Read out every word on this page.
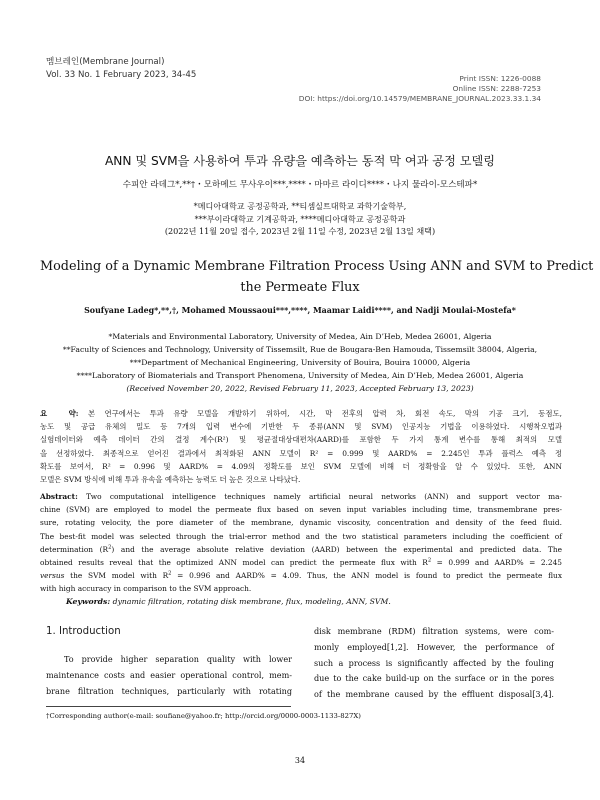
멤브레인(Membrane Journal)
Vol. 33 No. 1 February 2023, 34-45	Print ISSN: 1226-0088
Online ISSN: 2288-7253
DOI: https://doi.org/10.14579/MEMBRANE_JOURNAL.2023.33.1.34
ANN 및 SVM을 사용하여 투과 유량을 예측하는 동적 막 여과 공정 모델링
수피안 라데그*,**†・모하메드 무사우이***,****・마마르 라이디****・나지 물라이-모스테파*
*메디아대학교 공정공학과, **티셈실트대학교 과학기술학부,
***부이라대학교 기계공학과, ****메디아대학교 공정공학과
(2022년 11월 20일 접수, 2023년 2월 11일 수정, 2023년 2월 13일 채택)
Modeling of a Dynamic Membrane Filtration Process Using ANN and SVM to Predict
the Permeate Flux
Soufyane Ladeg*,**,†, Mohamed Moussaoui***,****, Maamar Laidi****, and Nadji Moulai-Mostefa*
*Materials and Environmental Laboratory, University of Medea, Ain D’Heb, Medea 26001, Algeria
**Faculty of Sciences and Technology, University of Tissemsilt, Rue de Bougara-Ben Hamouda, Tissemsilt 38004, Algeria,
***Department of Mechanical Engineering, University of Bouira, Bouira 10000, Algeria
****Laboratory of Biomaterials and Transport Phenomena, University of Medea, Ain D’Heb, Medea 26001, Algeria
(Received November 20, 2022, Revised February 11, 2023, Accepted February 13, 2023)
요　약: 본 연구에서는 투과 유량 모델을 개발하기 위하여, 시간, 막 전후의 압력 차, 회전 속도, 막의 기공 크기, 동점도,
농도 및 공급 유체의 밀도 등 7개의 입력 변수에 기반한 두 종류(ANN 및 SVM) 인공지능 기법을 이용하였다. 시행착오법과
실험데이터와 예측 데이터 간의 결정 계수(R²) 및 평균절대상대편차(AARD)를 포함한 두 가지 통계 변수를 통해 최적의 모델
을 선정하였다. 최종적으로 얻어진 결과에서 최적화된 ANN 모델이 R² = 0.999 및 AARD% = 2.245인 투과 플럭스 예측 정
확도를 보여서, R² = 0.996 및 AARD% = 4.09의 정확도를 보인 SVM 모델에 비해 더 정확함을 알 수 있었다. 또한, ANN
모델은 SVM 방식에 비해 투과 유속을 예측하는 능력도 더 높은 것으로 나타났다.
Abstract: Two computational intelligence techniques namely artificial neural networks (ANN) and support vector ma-
chine (SVM) are employed to model the permeate flux based on seven input variables including time, transmembrane pres-
sure, rotating velocity, the pore diameter of the membrane, dynamic viscosity, concentration and density of the feed fluid.
The best-fit model was selected through the trial-error method and the two statistical parameters including the coefficient of
determination $(R^2)$ and the average absolute relative deviation (AARD) between the experimental and predicted data. The
obtained results reveal that the optimized ANN model can predict the permeate flux with $R^2 = 0.999$ and AARD% = 2.245
versus the SVM model with $R^2 = 0.996$ and AARD% = 4.09. Thus, the ANN model is found to predict the permeate flux
with high accuracy in comparison to the SVM approach.
Keywords: dynamic filtration, rotating disk membrane, flux, modeling, ANN, SVM.
1. Introduction
To provide higher separation quality with lower
maintenance costs and easier operational control, mem-
brane filtration techniques, particularly with rotating
disk membrane (RDM) filtration systems, were com-
monly employed[1,2]. However, the performance of
such a process is significantly affected by the fouling
due to the cake build-up on the surface or in the pores
of the membrane caused by the effluent disposal[3,4].
†Corresponding author(e-mail: soufiane@yahoo.fr; http://orcid.org/0000-0003-1133-827X)
34
